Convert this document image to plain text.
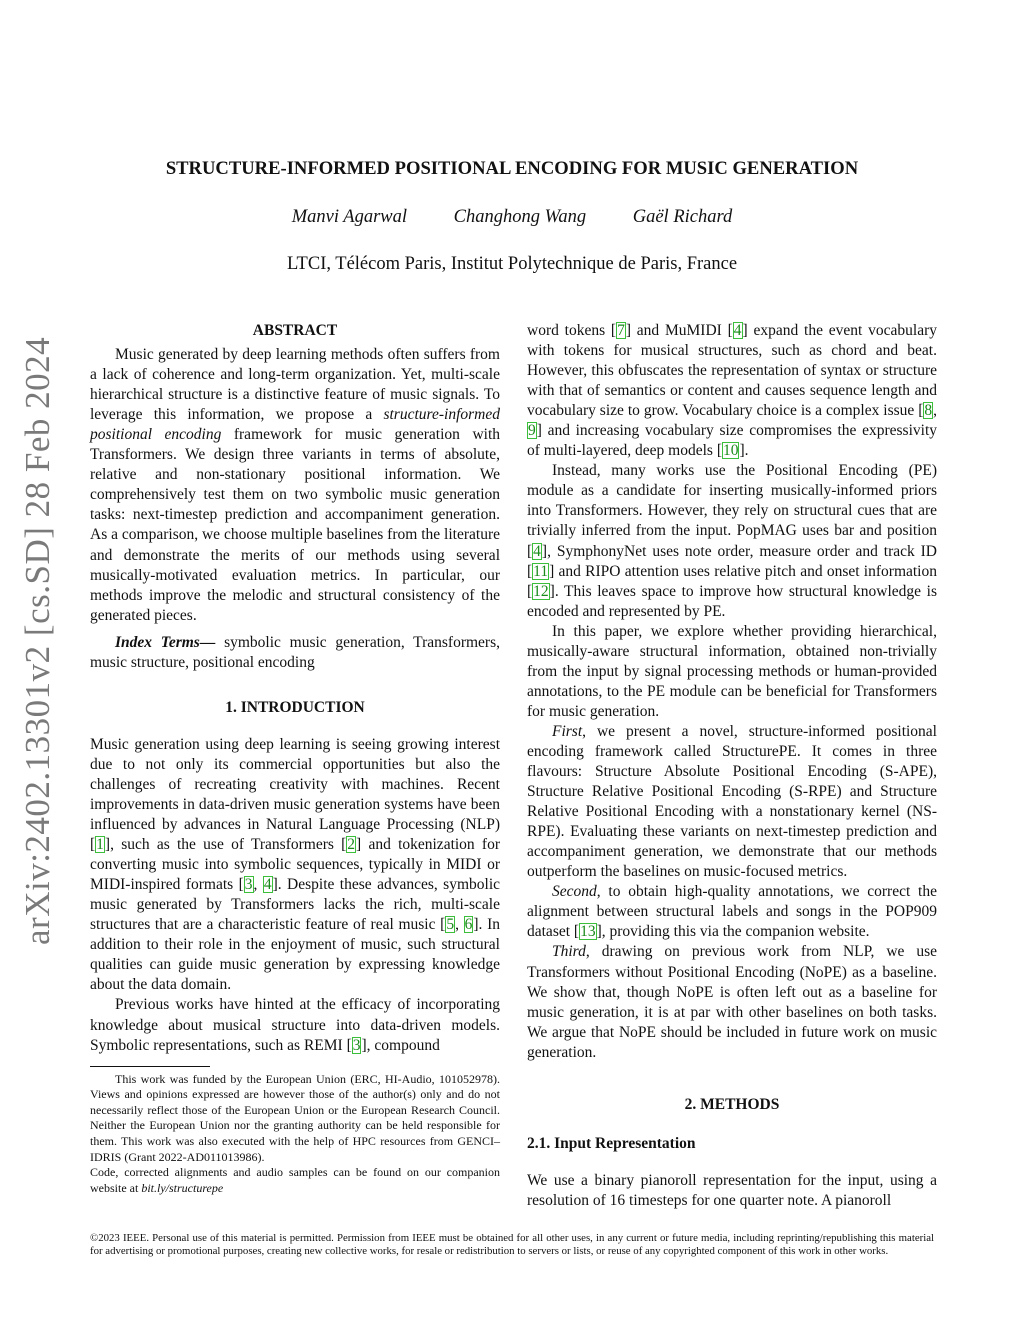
arXiv:2402.13301v2 [cs.SD] 28 Feb 2024
STRUCTURE-INFORMED POSITIONAL ENCODING FOR MUSIC GENERATION
Manvi Agarwal	Changhong Wang	Gaël Richard
LTCI, Télécom Paris, Institut Polytechnique de Paris, France
ABSTRACT

Music generated by deep learning methods often suffers from a lack of coherence and long-term organization. Yet, multi-scale hierarchical structure is a distinctive feature of music signals. To leverage this information, we propose a structure-informed positional encoding framework for music generation with Transformers. We design three variants in terms of absolute, relative and non-stationary positional information. We comprehensively test them on two symbolic music generation tasks: next-timestep prediction and accompaniment generation. As a comparison, we choose multiple baselines from the literature and demonstrate the merits of our methods using several musically-motivated evaluation metrics. In particular, our methods improve the melodic and structural consistency of the generated pieces.

Index Terms— symbolic music generation, Transformers, music structure, positional encoding

1. INTRODUCTION

Music generation using deep learning is seeing growing interest due to not only its commercial opportunities but also the challenges of recreating creativity with machines. Recent improvements in data-driven music generation systems have been influenced by advances in Natural Language Processing (NLP) [1], such as the use of Transformers [2] and tokenization for converting music into symbolic sequences, typically in MIDI or MIDI-inspired formats [3, 4]. Despite these advances, symbolic music generated by Transformers lacks the rich, multi-scale structures that are a characteristic feature of real music [5, 6]. In addition to their role in the enjoyment of music, such structural qualities can guide music generation by expressing knowledge about the data domain.

Previous works have hinted at the efficacy of incorporating knowledge about musical structure into data-driven models. Symbolic representations, such as REMI [3], compound

This work was funded by the European Union (ERC, HI-Audio, 101052978). Views and opinions expressed are however those of the author(s) only and do not necessarily reflect those of the European Union or the European Research Council. Neither the European Union nor the granting authority can be held responsible for them. This work was also executed with the help of HPC resources from GENCI–IDRIS (Grant 2022-AD011013986).

Code, corrected alignments and audio samples can be found on our companion website at bit.ly/structurepe

word tokens [7] and MuMIDI [4] expand the event vocabulary with tokens for musical structures, such as chord and beat. However, this obfuscates the representation of syntax or structure with that of semantics or content and causes sequence length and vocabulary size to grow. Vocabulary choice is a complex issue [8, 9] and increasing vocabulary size compromises the expressivity of multi-layered, deep models [10].

Instead, many works use the Positional Encoding (PE) module as a candidate for inserting musically-informed priors into Transformers. However, they rely on structural cues that are trivially inferred from the input. PopMAG uses bar and position [4], SymphonyNet uses note order, measure order and track ID [11] and RIPO attention uses relative pitch and onset information [12]. This leaves space to improve how structural knowledge is encoded and represented by PE.

In this paper, we explore whether providing hierarchical, musically-aware structural information, obtained non-trivially from the input by signal processing methods or human-provided annotations, to the PE module can be beneficial for Transformers for music generation.

First, we present a novel, structure-informed positional encoding framework called StructurePE. It comes in three flavours: Structure Absolute Positional Encoding (S-APE), Structure Relative Positional Encoding (S-RPE) and Structure Relative Positional Encoding with a nonstationary kernel (NS-RPE). Evaluating these variants on next-timestep prediction and accompaniment generation, we demonstrate that our methods outperform the baselines on music-focused metrics.

Second, to obtain high-quality annotations, we correct the alignment between structural labels and songs in the POP909 dataset [13], providing this via the companion website.

Third, drawing on previous work from NLP, we use Transformers without Positional Encoding (NoPE) as a baseline. We show that, though NoPE is often left out as a baseline for music generation, it is at par with other baselines on both tasks. We argue that NoPE should be included in future work on music generation.

2. METHODS
2.1. Input Representation

We use a binary pianoroll representation for the input, using a resolution of 16 timesteps for one quarter note. A pianoroll

©2023 IEEE. Personal use of this material is permitted. Permission from IEEE must be obtained for all other uses, in any current or future media, including reprinting/republishing this material for advertising or promotional purposes, creating new collective works, for resale or redistribution to servers or lists, or reuse of any copyrighted component of this work in other works.
